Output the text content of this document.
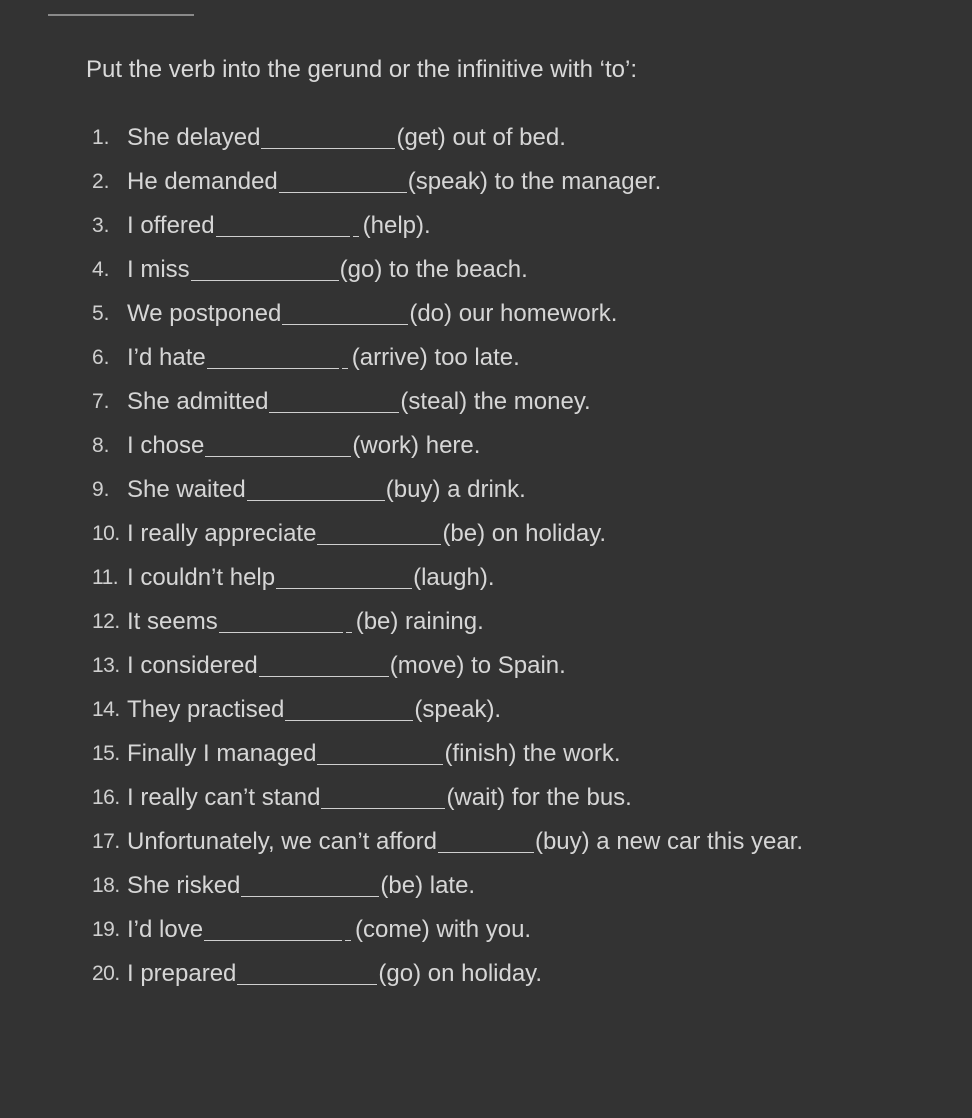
Put the verb into the gerund or the infinitive with ‘to’:
1. She delayed	(get) out of bed.
2. He demanded	(speak) to the manager.
3. I offered	(help).
4. I miss	(go) to the beach.
5. We postponed	(do) our homework.
6. I’d hate	(arrive) too late.
7. She admitted	(steal) the money.
8. I chose	(work) here.
9. She waited	(buy) a drink.
10. I really appreciate	(be) on holiday.
11. I couldn’t help	(laugh).
12. It seems	(be) raining.
13. I considered	(move) to Spain.
14. They practised	(speak).
15. Finally I managed	(finish) the work.
16. I really can’t stand	(wait) for the bus.
17. Unfortunately, we can’t afford	(buy) a new car this year.
18. She risked	(be) late.
19. I’d love	(come) with you.
20. I prepared	(go) on holiday.
